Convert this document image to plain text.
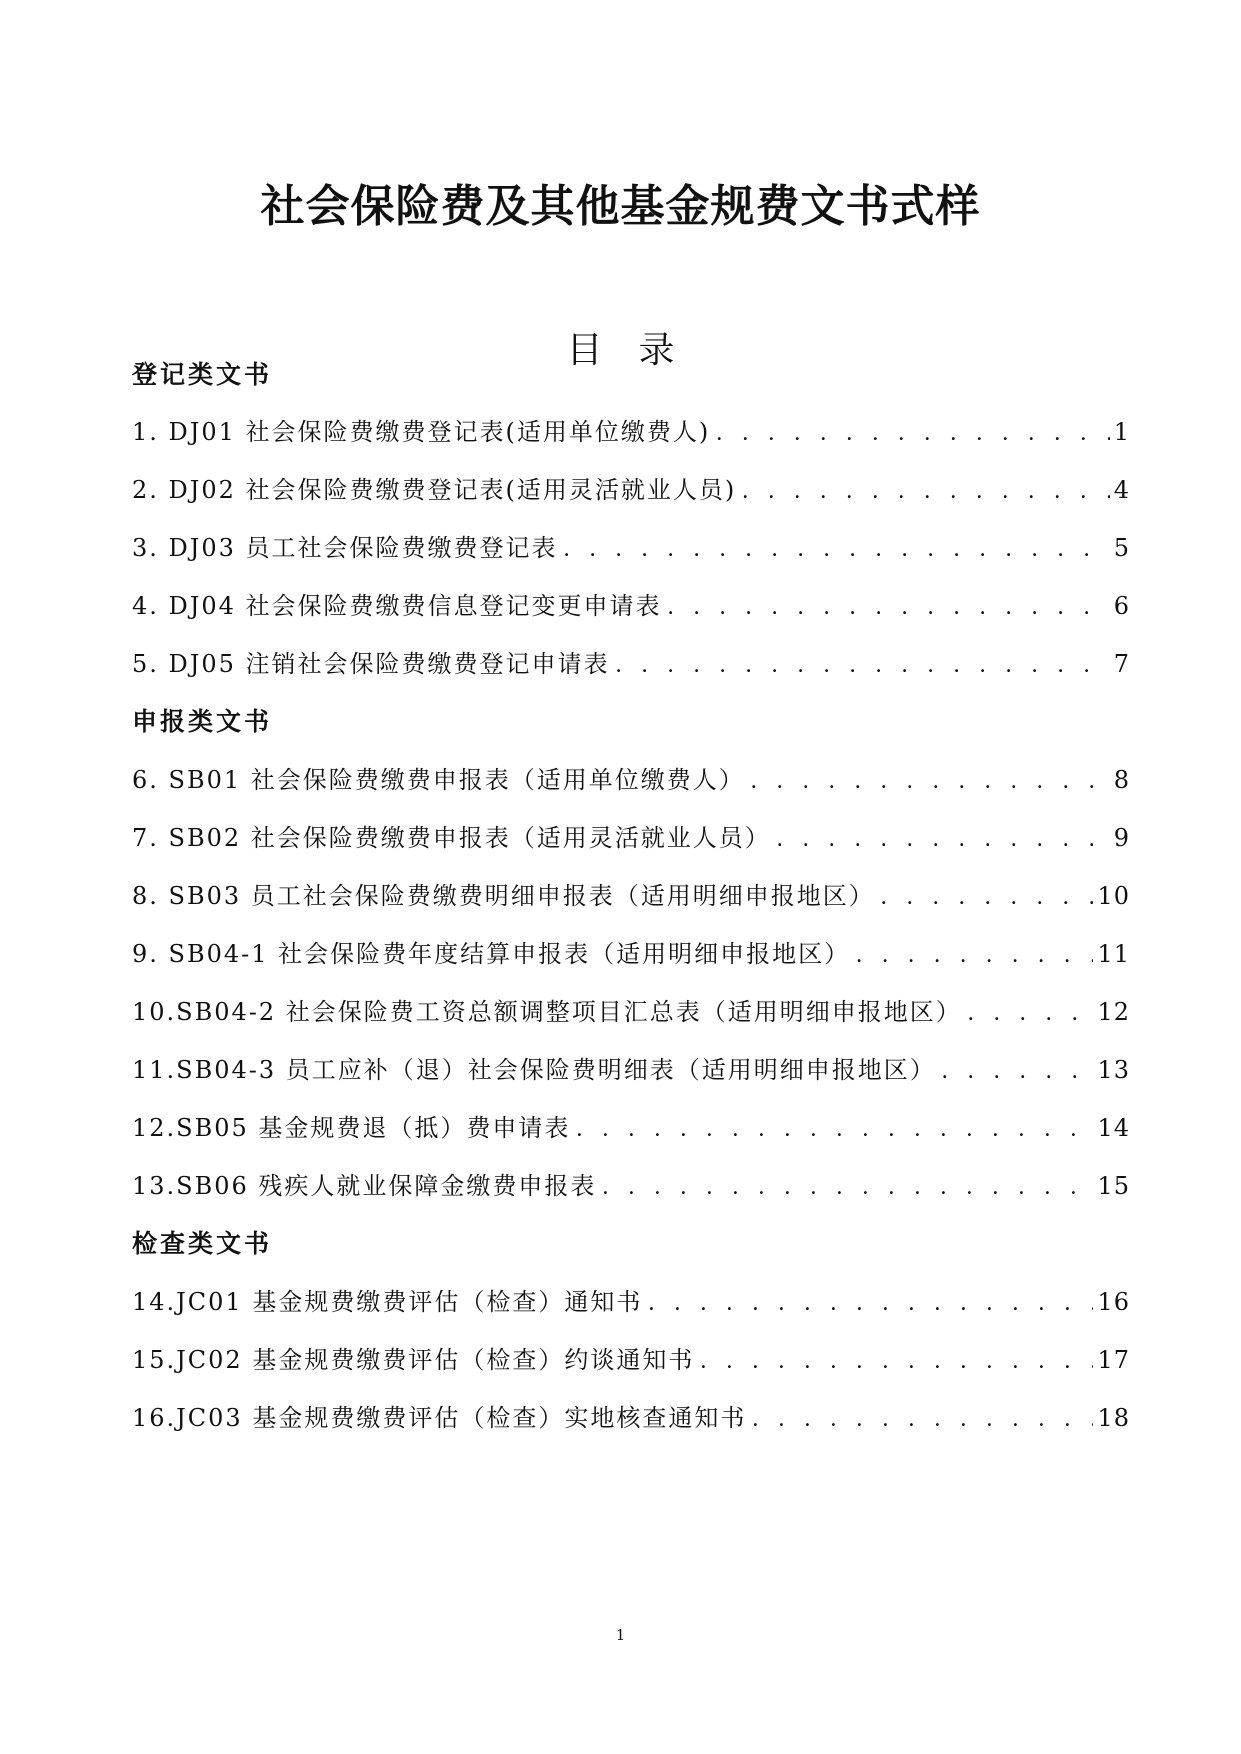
社会保险费及其他基金规费文书式样
目录
登记类文书
1. DJ01 社会保险费缴费登记表(适用单位缴费人) . . .	1
2. DJ02 社会保险费缴费登记表(适用灵活就业人员) . . .	4
3. DJ03 员工社会保险费缴费登记表 . . .	5
4. DJ04 社会保险费缴费信息登记变更申请表 . . .	6
5. DJ05 注销社会保险费缴费登记申请表 . . .	7
申报类文书
6. SB01 社会保险费缴费申报表（适用单位缴费人） . . .	8
7. SB02 社会保险费缴费申报表（适用灵活就业人员） . . .	9
8. SB03 员工社会保险费缴费明细申报表（适用明细申报地区） . . .	10
9. SB04-1 社会保险费年度结算申报表（适用明细申报地区） . . .	11
10.SB04-2 社会保险费工资总额调整项目汇总表（适用明细申报地区） . . .	12
11.SB04-3 员工应补（退）社会保险费明细表（适用明细申报地区） . . .	13
12.SB05 基金规费退（抵）费申请表 . . .	14
13.SB06 残疾人就业保障金缴费申报表 . . .	15
检查类文书
14.JC01 基金规费缴费评估（检查）通知书 . . .	16
15.JC02 基金规费缴费评估（检查）约谈通知书 . . .	17
16.JC03 基金规费缴费评估（检查）实地核查通知书 . . .	18
1
